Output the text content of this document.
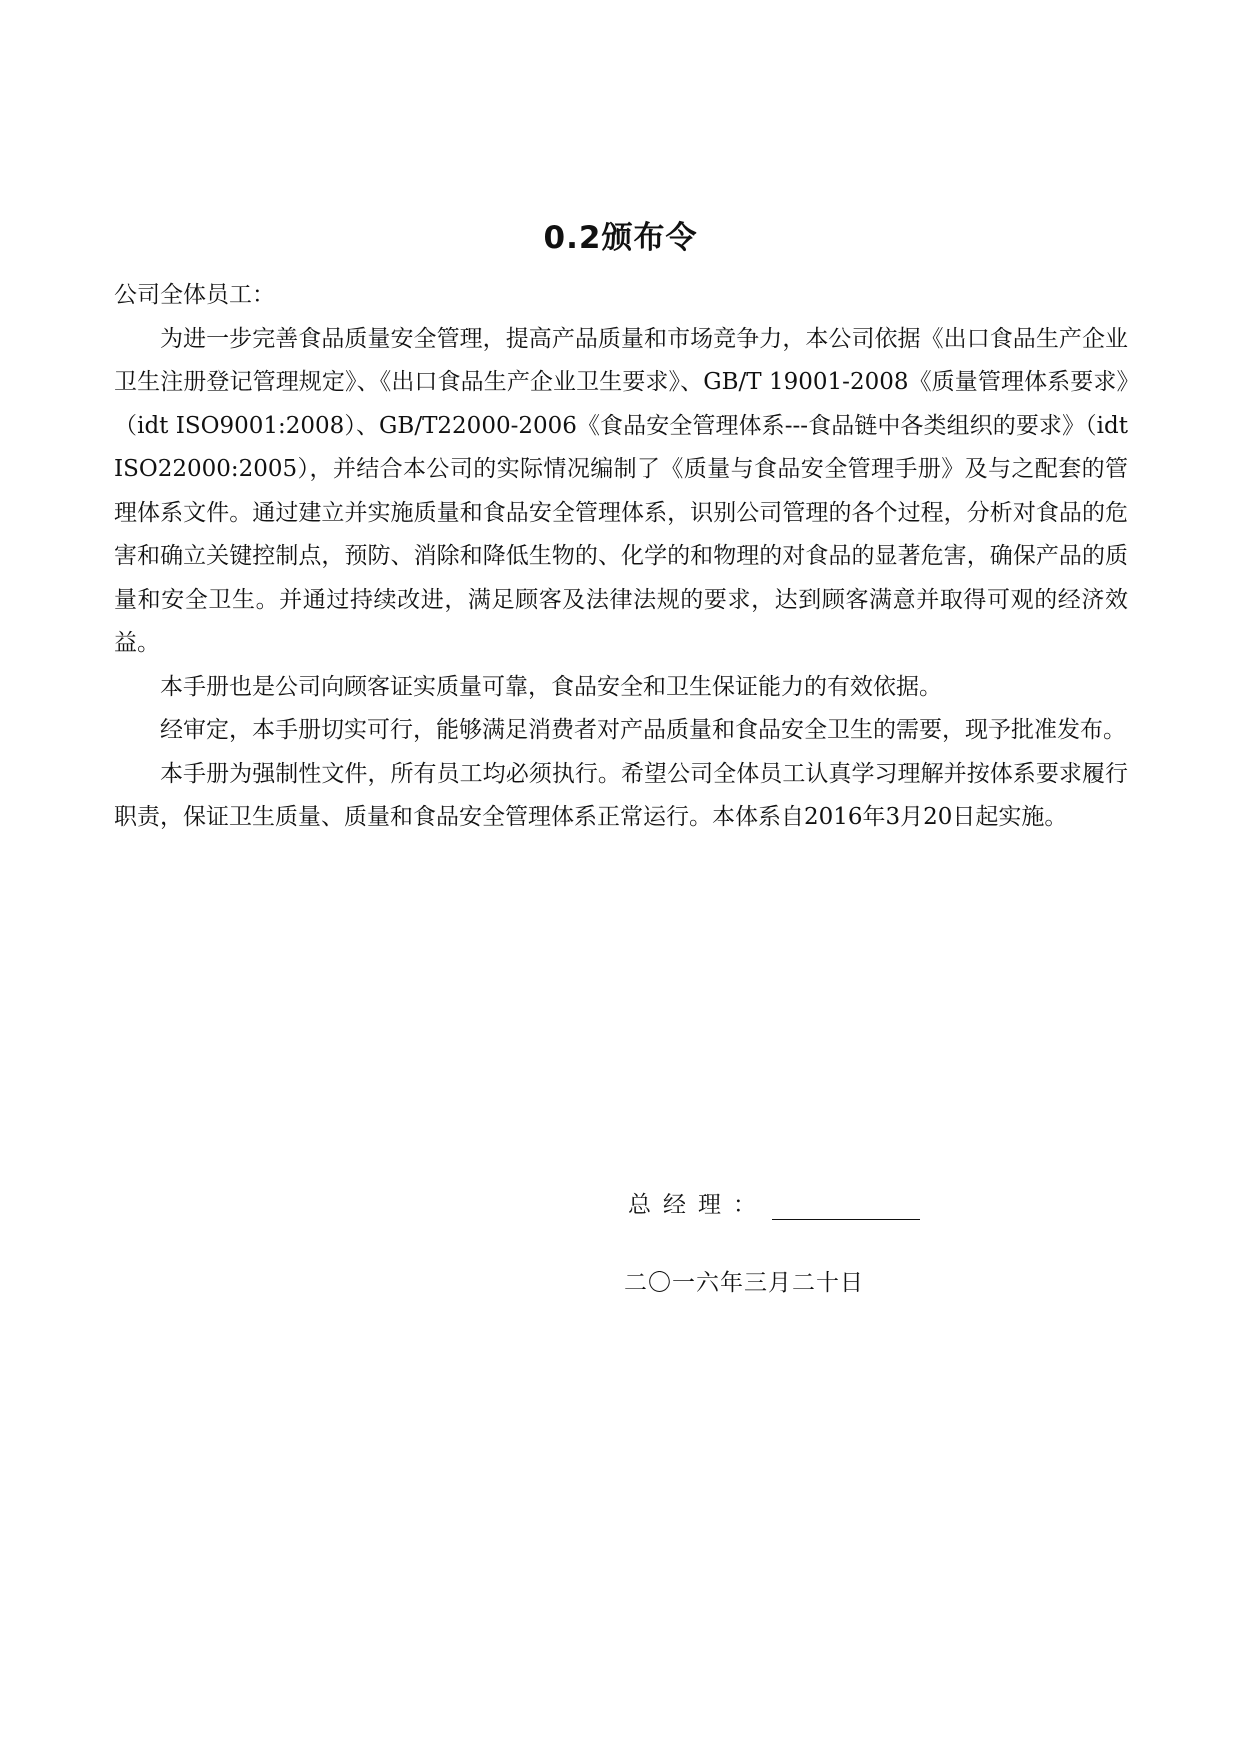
0.2颁布令

公司全体员工：

为进一步完善食品质量安全管理，提高产品质量和市场竞争力，本公司依据《出口食品生产企业卫生注册登记管理规定》、《出口食品生产企业卫生要求》、GB/T 19001-2008《质量管理体系要求》（idt ISO9001:2008）、GB/T22000-2006《食品安全管理体系---食品链中各类组织的要求》（idt ISO22000:2005），并结合本公司的实际情况编制了《质量与食品安全管理手册》及与之配套的管理体系文件。通过建立并实施质量和食品安全管理体系，识别公司管理的各个过程，分析对食品的危害和确立关键控制点，预防、消除和降低生物的、化学的和物理的对食品的显著危害，确保产品的质量和安全卫生。并通过持续改进，满足顾客及法律法规的要求，达到顾客满意并取得可观的经济效益。

本手册也是公司向顾客证实质量可靠，食品安全和卫生保证能力的有效依据。

经审定，本手册切实可行，能够满足消费者对产品质量和食品安全卫生的需要，现予批准发布。

本手册为强制性文件，所有员工均必须执行。希望公司全体员工认真学习理解并按体系要求履行职责，保证卫生质量、质量和食品安全管理体系正常运行。本体系自2016年3月20日起实施。

总经理：
二〇一六年三月二十日
